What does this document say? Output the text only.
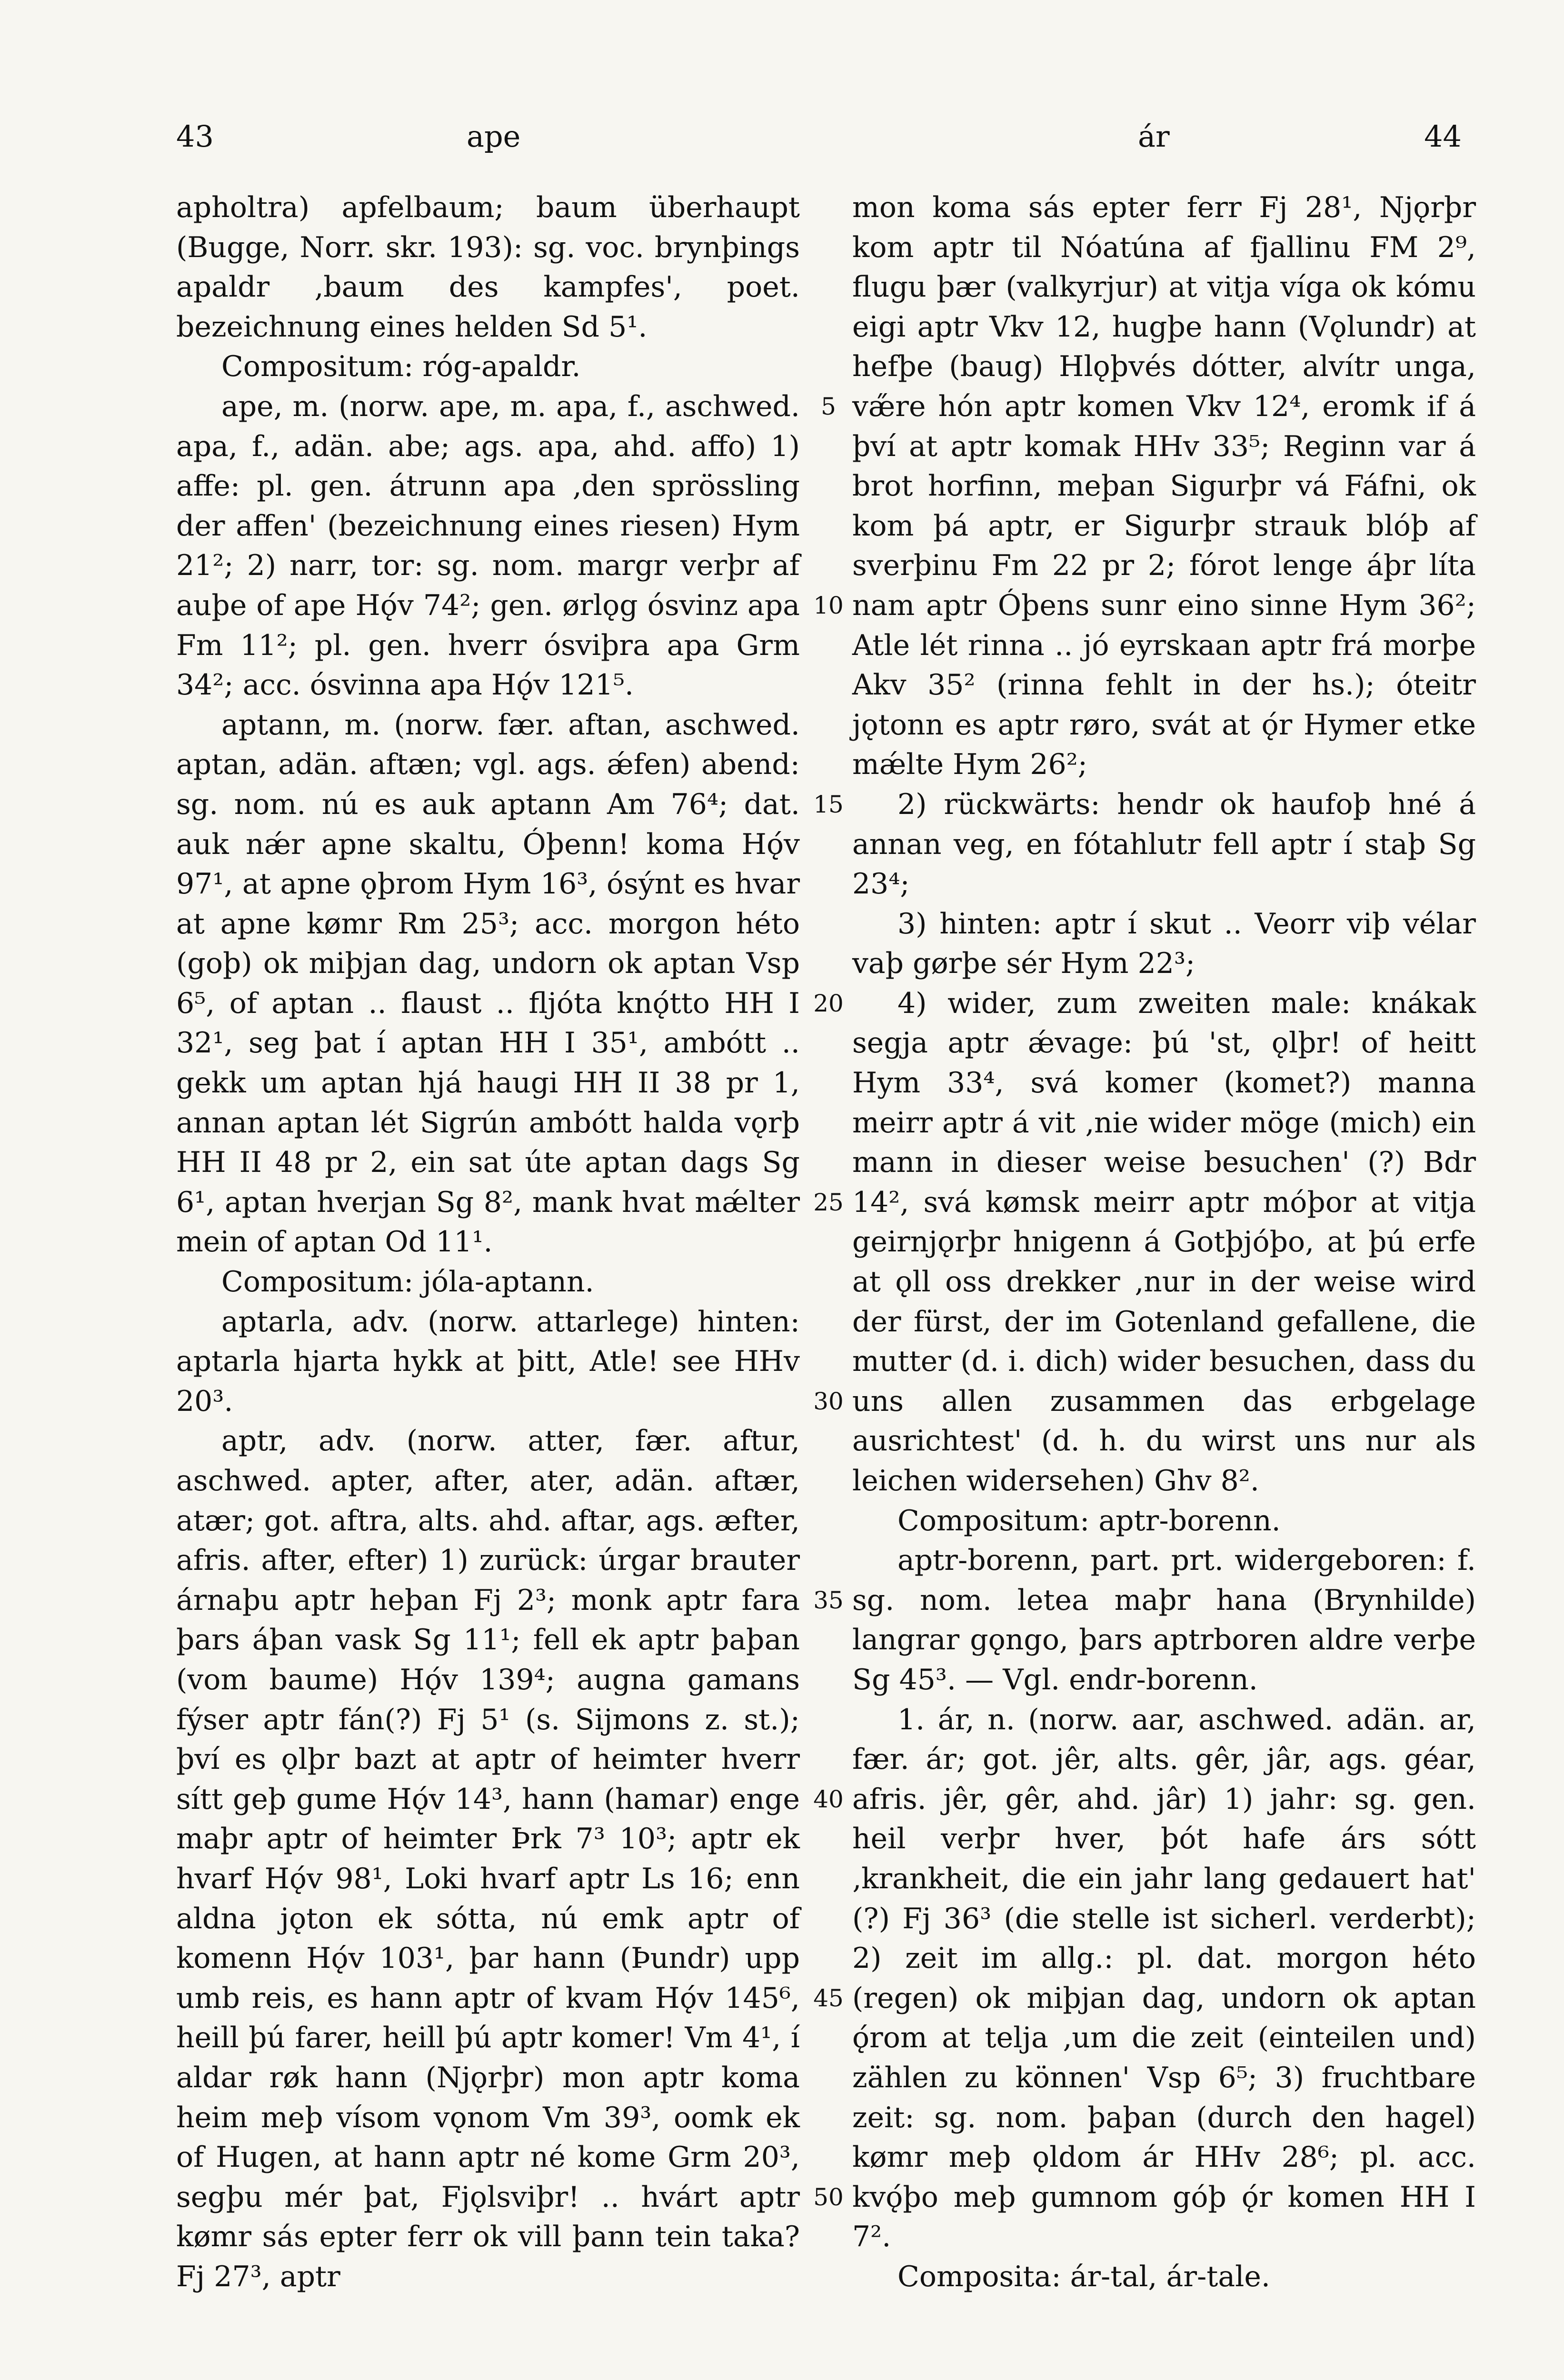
43	ape	ár	44

apholtra) apfelbaum; baum überhaupt (Bugge, Norr. skr. 193): sg. voc. brynþings apaldr ‚baum des kampfes', poet. bezeichnung eines helden Sd 5¹.

Compositum: róg-apaldr.

ape, m. (norw. ape, m. apa, f., aschwed. apa, f., adän. abe; ags. apa, ahd. affo) 1) affe: pl. gen. átrunn apa ‚den sprössling der affen' (bezeichnung eines riesen) Hym 21²; 2) narr, tor: sg. nom. margr verþr af auþe of ape Hǫ́v 74²; gen. ørlǫg ósvinz apa Fm 11²; pl. gen. hverr ósviþra apa Grm 34²; acc. ósvinna apa Hǫ́v 121⁵.

aptann, m. (norw. fær. aftan, aschwed. aptan, adän. aftæn; vgl. ags. ǽfen) abend: sg. nom. nú es auk aptann Am 76⁴; dat. auk nǽr apne skaltu, Óþenn! koma Hǫ́v 97¹, at apne ǫþrom Hym 16³, ósýnt es hvar at apne kømr Rm 25³; acc. morgon héto (goþ) ok miþjan dag, undorn ok aptan Vsp 6⁵, of aptan .. flaust .. fljóta knǫ́tto HH I 32¹, seg þat í aptan HH I 35¹, ambótt .. gekk um aptan hjá haugi HH II 38 pr 1, annan aptan lét Sigrún ambótt halda vǫrþ HH II 48 pr 2, ein sat úte aptan dags Sg 6¹, aptan hverjan Sg 8², mank hvat mǽlter mein of aptan Od 11¹.

Compositum: jóla-aptann.

aptarla, adv. (norw. attarlege) hinten: aptarla hjarta hykk at þitt, Atle! see HHv 20³.

aptr, adv. (norw. atter, fær. aftur, aschwed. apter, after, ater, adän. aftær, atær; got. aftra, alts. ahd. aftar, ags. æfter, afris. after, efter) 1) zurück: úrgar brauter árnaþu aptr heþan Fj 2³; monk aptr fara þars áþan vask Sg 11¹; fell ek aptr þaþan (vom baume) Hǫ́v 139⁴; augna gamans fýser aptr fán(?) Fj 5¹ (s. Sijmons z. st.); því es ǫlþr bazt at aptr of heimter hverr sítt geþ gume Hǫ́v 14³, hann (hamar) enge maþr aptr of heimter Þrk 7³ 10³; aptr ek hvarf Hǫ́v 98¹, Loki hvarf aptr Ls 16; enn aldna jǫton ek sótta, nú emk aptr of komenn Hǫ́v 103¹, þar hann (Þundr) upp umb reis, es hann aptr of kvam Hǫ́v 145⁶, heill þú farer, heill þú aptr komer! Vm 4¹, í aldar røk hann (Njǫrþr) mon aptr koma heim meþ vísom vǫnom Vm 39³, oomk ek of Hugen, at hann aptr né kome Grm 20³, segþu mér þat, Fjǫlsviþr! .. hvárt aptr kømr sás epter ferr ok vill þann tein taka? Fj 27³, aptr

5
10
15
20
25
30
35
40
45
50

mon koma sás epter ferr Fj 28¹, Njǫrþr kom aptr til Nóatúna af fjallinu FM 2⁹, flugu þær (valkyrjur) at vitja víga ok kómu eigi aptr Vkv 12, hugþe hann (Vǫlundr) at hefþe (baug) Hlǫþvés dótter, alvítr unga, væ̋re hón aptr komen Vkv 12⁴, eromk if á því at aptr komak HHv 33⁵; Reginn var á brot horfinn, meþan Sigurþr vá Fáfni, ok kom þá aptr, er Sigurþr strauk blóþ af sverþinu Fm 22 pr 2; fórot lenge áþr líta nam aptr Óþens sunr eino sinne Hym 36²; Atle lét rinna .. jó eyrskaan aptr frá morþe Akv 35² (rinna fehlt in der hs.); óteitr jǫtonn es aptr røro, svát at ǫ́r Hymer etke mǽlte Hym 26²;

2) rückwärts: hendr ok haufoþ hné á annan veg, en fótahlutr fell aptr í staþ Sg 23⁴;

3) hinten: aptr í skut .. Veorr viþ vélar vaþ gørþe sér Hym 22³;

4) wider, zum zweiten male: knákak segja aptr ǽvage: þú 'st, ǫlþr! of heitt Hym 33⁴, svá komer (komet?) manna meirr aptr á vit ‚nie wider möge (mich) ein mann in dieser weise besuchen' (?) Bdr 14², svá kømsk meirr aptr móþor at vitja geirnjǫrþr hnigenn á Gotþjóþo, at þú erfe at ǫll oss drekker ‚nur in der weise wird der fürst, der im Gotenland gefallene, die mutter (d. i. dich) wider besuchen, dass du uns allen zusammen das erbgelage ausrichtest' (d. h. du wirst uns nur als leichen widersehen) Ghv 8².

Compositum: aptr-borenn.

aptr-borenn, part. prt. widergeboren: f. sg. nom. letea maþr hana (Brynhilde) langrar gǫngo, þars aptrboren aldre verþe Sg 45³. — Vgl. endr-borenn.

1. ár, n. (norw. aar, aschwed. adän. ar, fær. ár; got. jêr, alts. gêr, jâr, ags. géar, afris. jêr, gêr, ahd. jâr) 1) jahr: sg. gen. heil verþr hver, þót hafe árs sótt ‚krankheit, die ein jahr lang gedauert hat' (?) Fj 36³ (die stelle ist sicherl. verderbt); 2) zeit im allg.: pl. dat. morgon héto (regen) ok miþjan dag, undorn ok aptan ǫ́rom at telja ‚um die zeit (einteilen und) zählen zu können' Vsp 6⁵; 3) fruchtbare zeit: sg. nom. þaþan (durch den hagel) kømr meþ ǫldom ár HHv 28⁶; pl. acc. kvǫ́þo meþ gumnom góþ ǫ́r komen HH I 7².

Composita: ár-tal, ár-tale.
